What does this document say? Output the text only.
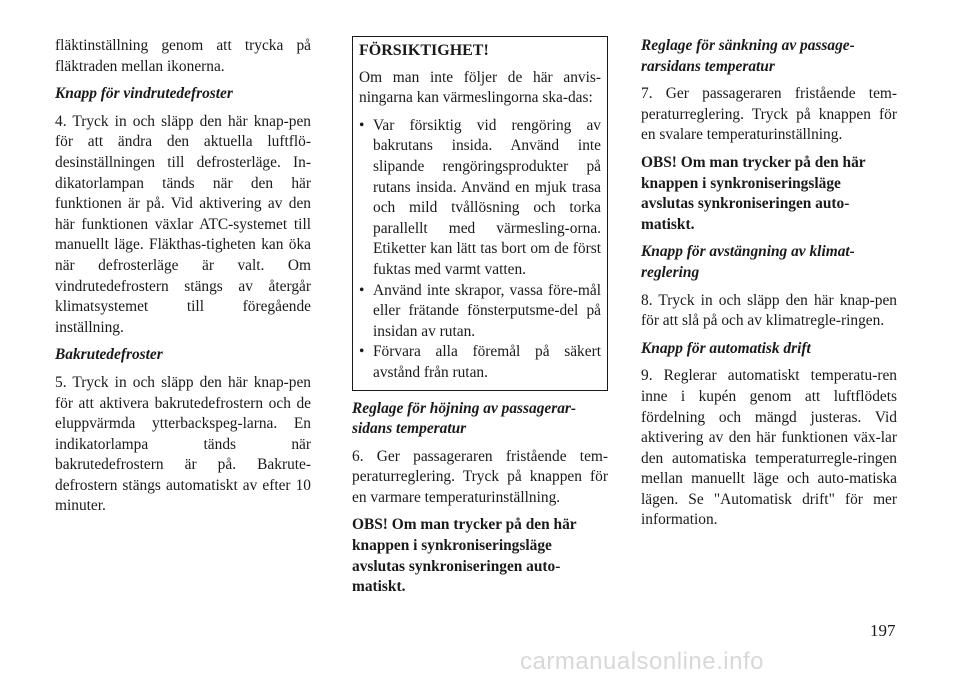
fläktinställning genom att trycka på fläktraden mellan ikonerna.

Knapp för vindrutedefroster

4. Tryck in och släpp den här knap-pen för att ändra den aktuella luftflö-desinställningen till defrosterläge. In-dikatorlampan tänds när den här funktionen är på. Vid aktivering av den här funktionen växlar ATC-systemet till manuellt läge. Fläkthas-tigheten kan öka när defrosterläge är valt. Om vindrutedefrostern stängs av återgår klimatsystemet till föregående inställning.

Bakrutedefroster

5. Tryck in och släpp den här knap-pen för att aktivera bakrutedefrostern och de eluppvärmda ytterbackspeg-larna. En indikatorlampa tänds när bakrutedefrostern är på. Bakrute-defrostern stängs automatiskt av efter 10 minuter.

FÖRSIKTIGHET!

Om man inte följer de här anvis-ningarna kan värmeslingorna ska-das:

• Var försiktig vid rengöring av bakrutans insida. Använd inte slipande rengöringsprodukter på rutans insida. Använd en mjuk trasa och mild tvållösning och torka parallellt med värmesling-orna. Etiketter kan lätt tas bort om de först fuktas med varmt vatten.
• Använd inte skrapor, vassa före-mål eller frätande fönsterputsme-del på insidan av rutan.
• Förvara alla föremål på säkert avstånd från rutan.

Reglage för höjning av passagerar-sidans temperatur

6. Ger passageraren fristående tem-peraturreglering. Tryck på knappen för en varmare temperaturinställning.

OBS! Om man trycker på den här knappen i synkroniseringsläge avslutas synkroniseringen auto-matiskt.

Reglage för sänkning av passage-rarsidans temperatur

7. Ger passageraren fristående tem-peraturreglering. Tryck på knappen för en svalare temperaturinställning.

OBS! Om man trycker på den här knappen i synkroniseringsläge avslutas synkroniseringen auto-matiskt.

Knapp för avstängning av klimat-reglering

8. Tryck in och släpp den här knap-pen för att slå på och av klimatregle-ringen.

Knapp för automatisk drift

9. Reglerar automatiskt temperatu-ren inne i kupén genom att luftflödets fördelning och mängd justeras. Vid aktivering av den här funktionen väx-lar den automatiska temperaturregle-ringen mellan manuellt läge och auto-matiska lägen. Se "Automatisk drift" för mer information.

197
carmanualsonline.info
